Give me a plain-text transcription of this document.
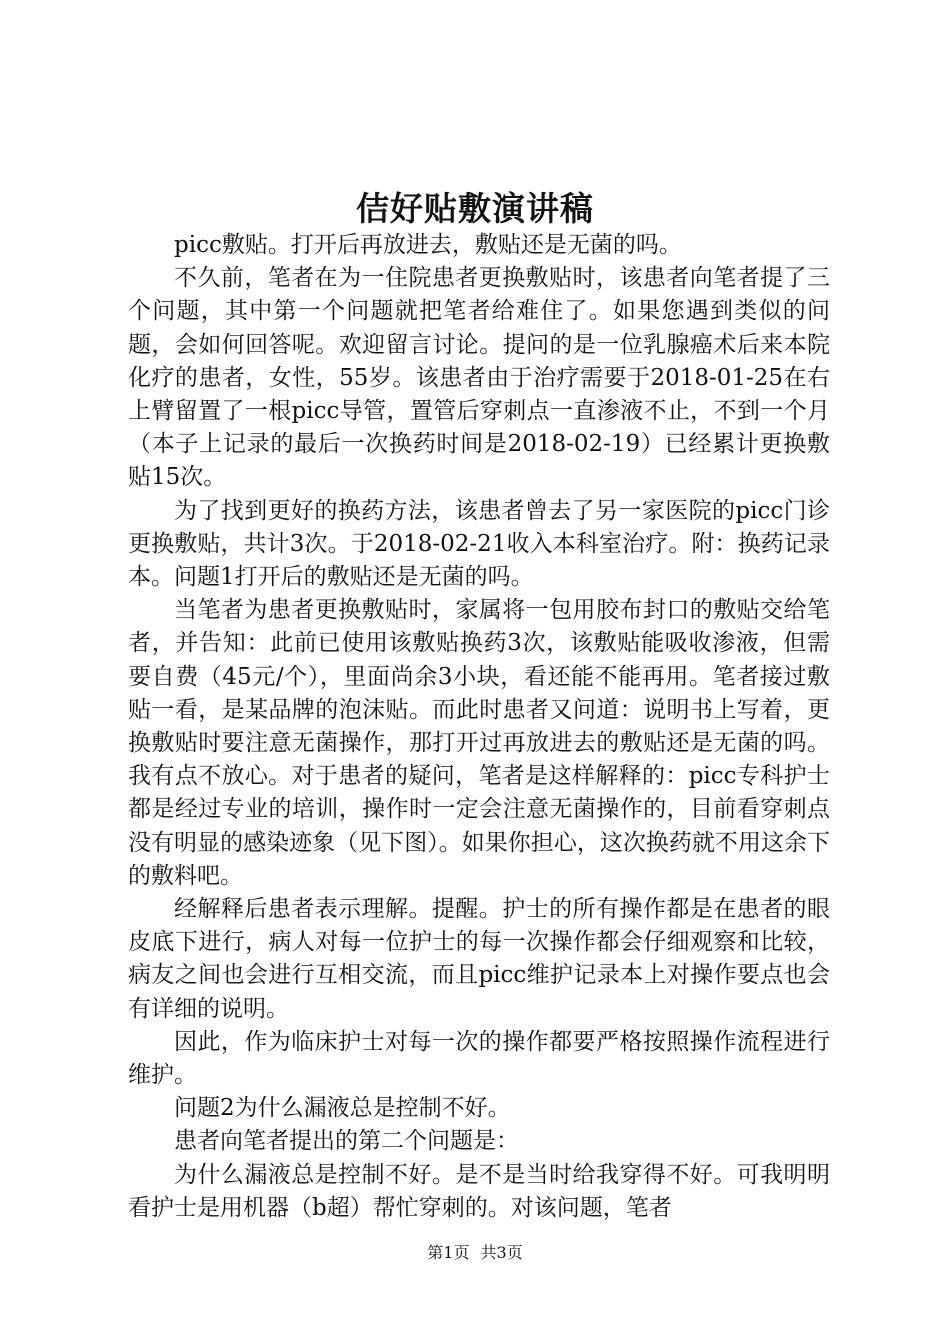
佶好贴敷演讲稿

picc敷贴。打开后再放进去，敷贴还是无菌的吗。

不久前，笔者在为一住院患者更换敷贴时，该患者向笔者提了三个问题，其中第一个问题就把笔者给难住了。如果您遇到类似的问题，会如何回答呢。欢迎留言讨论。提问的是一位乳腺癌术后来本院化疗的患者，女性，55岁。该患者由于治疗需要于2018-01-25在右上臂留置了一根picc导管，置管后穿刺点一直渗液不止，不到一个月（本子上记录的最后一次换药时间是2018-02-19）已经累计更换敷贴15次。

为了找到更好的换药方法，该患者曾去了另一家医院的picc门诊更换敷贴，共计3次。于2018-02-21收入本科室治疗。附：换药记录本。问题1打开后的敷贴还是无菌的吗。

当笔者为患者更换敷贴时，家属将一包用胶布封口的敷贴交给笔者，并告知：此前已使用该敷贴换药3次，该敷贴能吸收渗液，但需要自费（45元/个），里面尚余3小块，看还能不能再用。笔者接过敷贴一看，是某品牌的泡沫贴。而此时患者又问道：说明书上写着，更换敷贴时要注意无菌操作，那打开过再放进去的敷贴还是无菌的吗。我有点不放心。对于患者的疑问，笔者是这样解释的：picc专科护士都是经过专业的培训，操作时一定会注意无菌操作的，目前看穿刺点没有明显的感染迹象（见下图）。如果你担心，这次换药就不用这余下的敷料吧。

经解释后患者表示理解。提醒。护士的所有操作都是在患者的眼皮底下进行，病人对每一位护士的每一次操作都会仔细观察和比较，病友之间也会进行互相交流，而且picc维护记录本上对操作要点也会有详细的说明。

因此，作为临床护士对每一次的操作都要严格按照操作流程进行维护。

问题2为什么漏液总是控制不好。

患者向笔者提出的第二个问题是：

为什么漏液总是控制不好。是不是当时给我穿得不好。可我明明看护士是用机器（b超）帮忙穿刺的。对该问题，笔者

第1页 共3页
